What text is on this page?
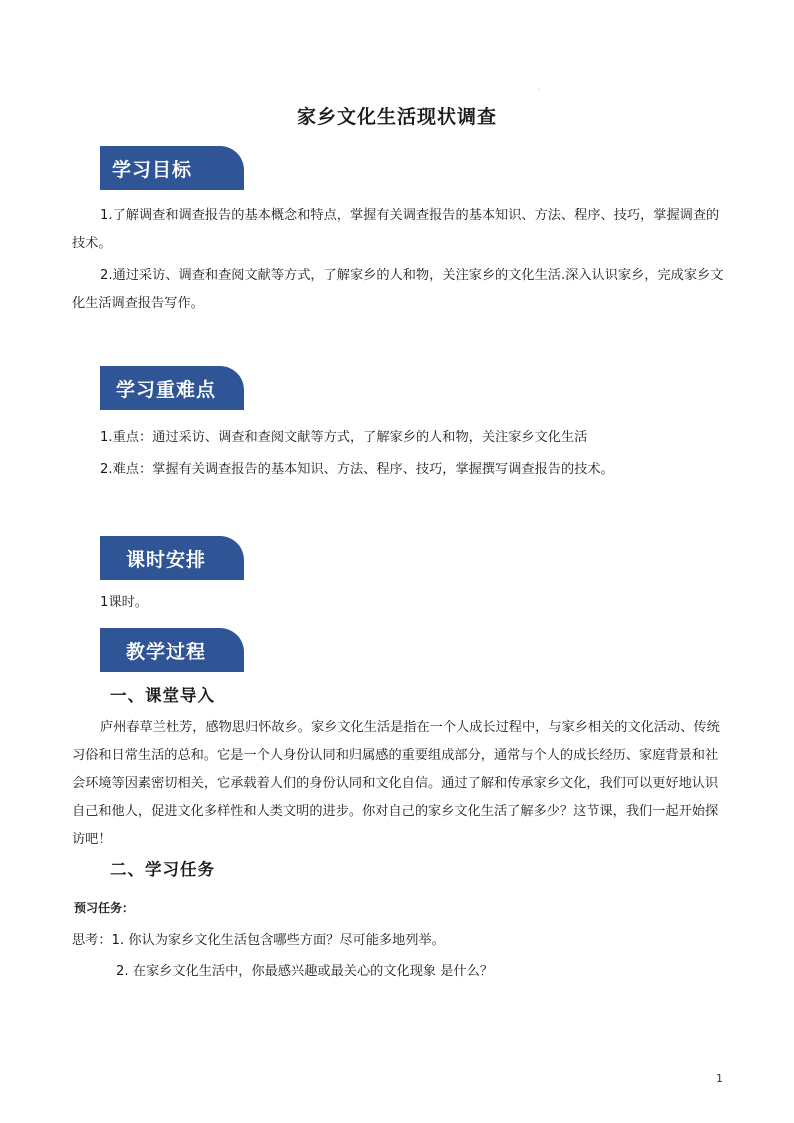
'
家乡文化生活现状调查
学习目标

1.了解调查和调查报告的基本概念和特点，掌握有关调查报告的基本知识、方法、程序、技巧，掌握调查的技术。

2.通过采访、调查和查阅文献等方式，了解家乡的人和物，关注家乡的文化生活.深入认识家乡，完成家乡文化生活调查报告写作。

学习重难点
1.重点：通过采访、调查和查阅文献等方式，了解家乡的人和物，关注家乡文化生活
2.难点：掌握有关调查报告的基本知识、方法、程序、技巧，掌握撰写调查报告的技术。
课时安排
1课时。
教学过程
一、课堂导入

庐州春草兰杜芳，感物思归怀故乡。家乡文化生活是指在一个人成长过程中，与家乡相关的文化活动、传统习俗和日常生活的总和。它是一个人身份认同和归属感的重要组成部分，通常与个人的成长经历、家庭背景和社会环境等因素密切相关，它承载着人们的身份认同和文化自信。通过了解和传承家乡文化，我们可以更好地认识自己和他人，促进文化多样性和人类文明的进步。你对自己的家乡文化生活了解多少？这节课，我们一起开始探访吧！

二、学习任务
预习任务：
思考：1. 你认为家乡文化生活包含哪些方面？尽可能多地列举。
2. 在家乡文化生活中，你最感兴趣或最关心的文化现象 是什么？
1
